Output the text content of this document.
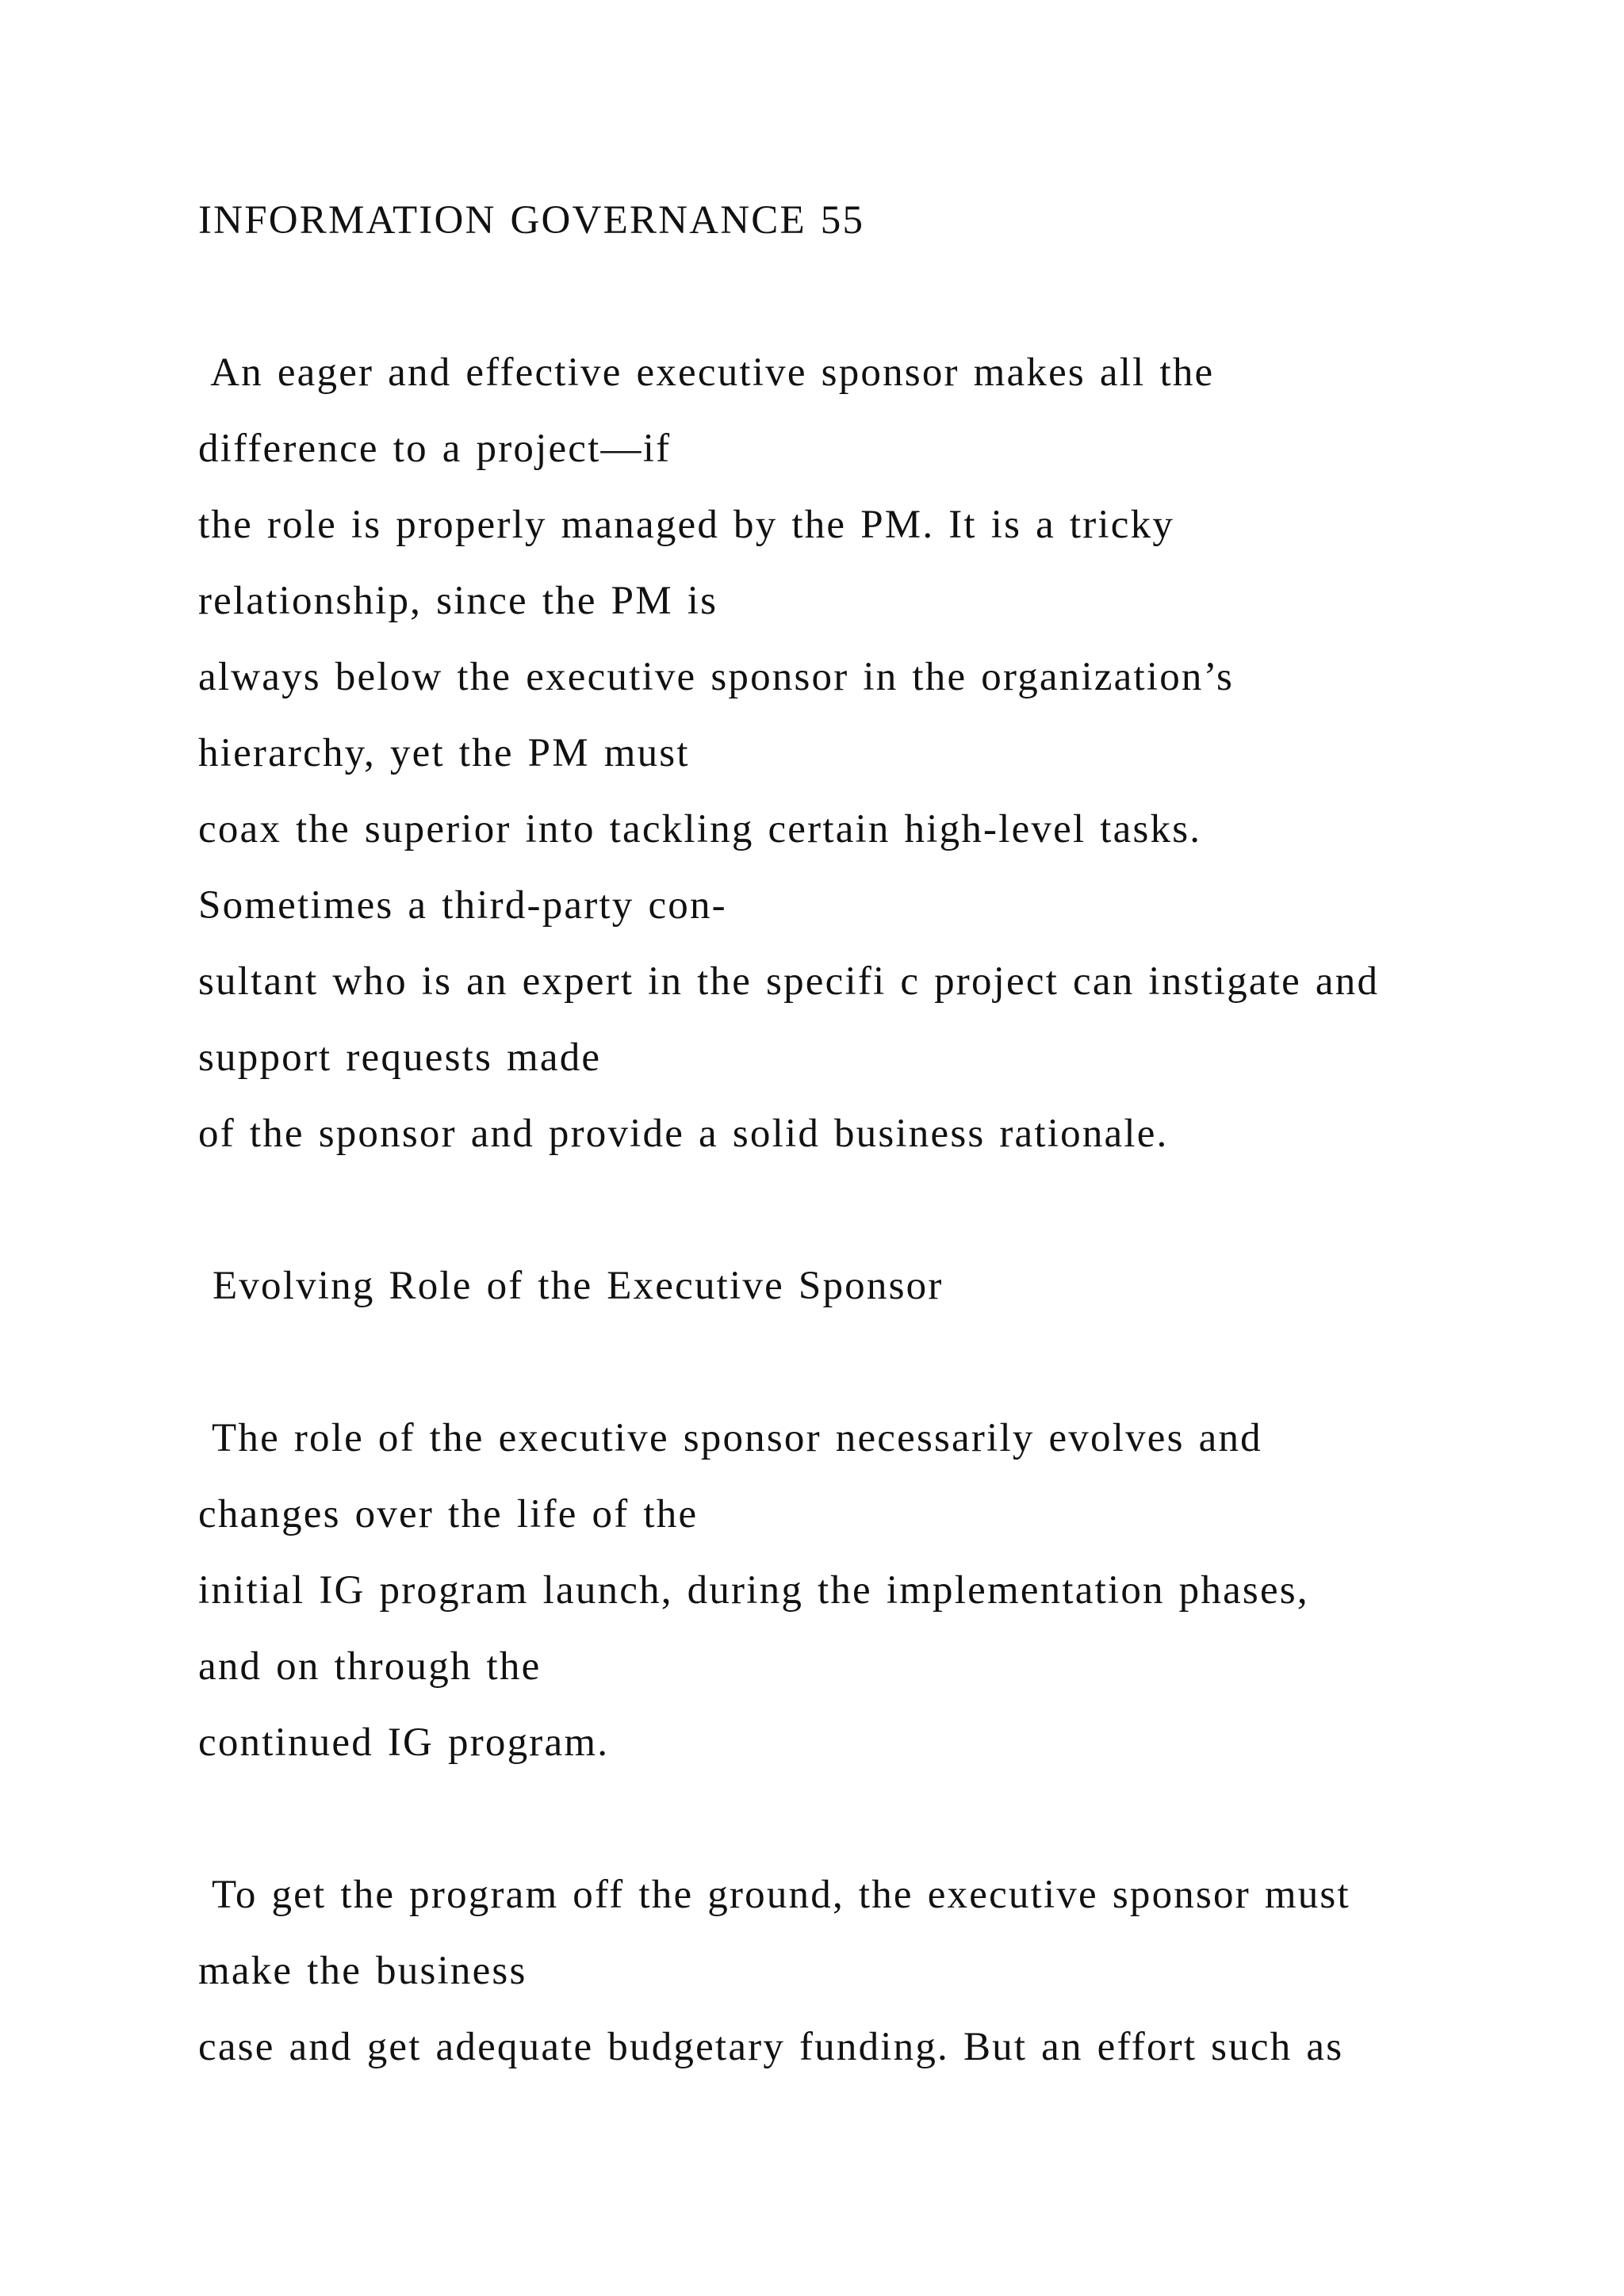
INFORMATION GOVERNANCE 55
An eager and effective executive sponsor makes all the
difference to a project—if
the role is properly managed by the PM. It is a tricky
relationship, since the PM is
always below the executive sponsor in the organization’s
hierarchy, yet the PM must
coax the superior into tackling certain high-level tasks.
Sometimes a third-party con-
sultant who is an expert in the specifi c project can instigate and
support requests made
of the sponsor and provide a solid business rationale.
Evolving Role of the Executive Sponsor
The role of the executive sponsor necessarily evolves and
changes over the life of the
initial IG program launch, during the implementation phases,
and on through the
continued IG program.
To get the program off the ground, the executive sponsor must
make the business
case and get adequate budgetary funding. But an effort such as
